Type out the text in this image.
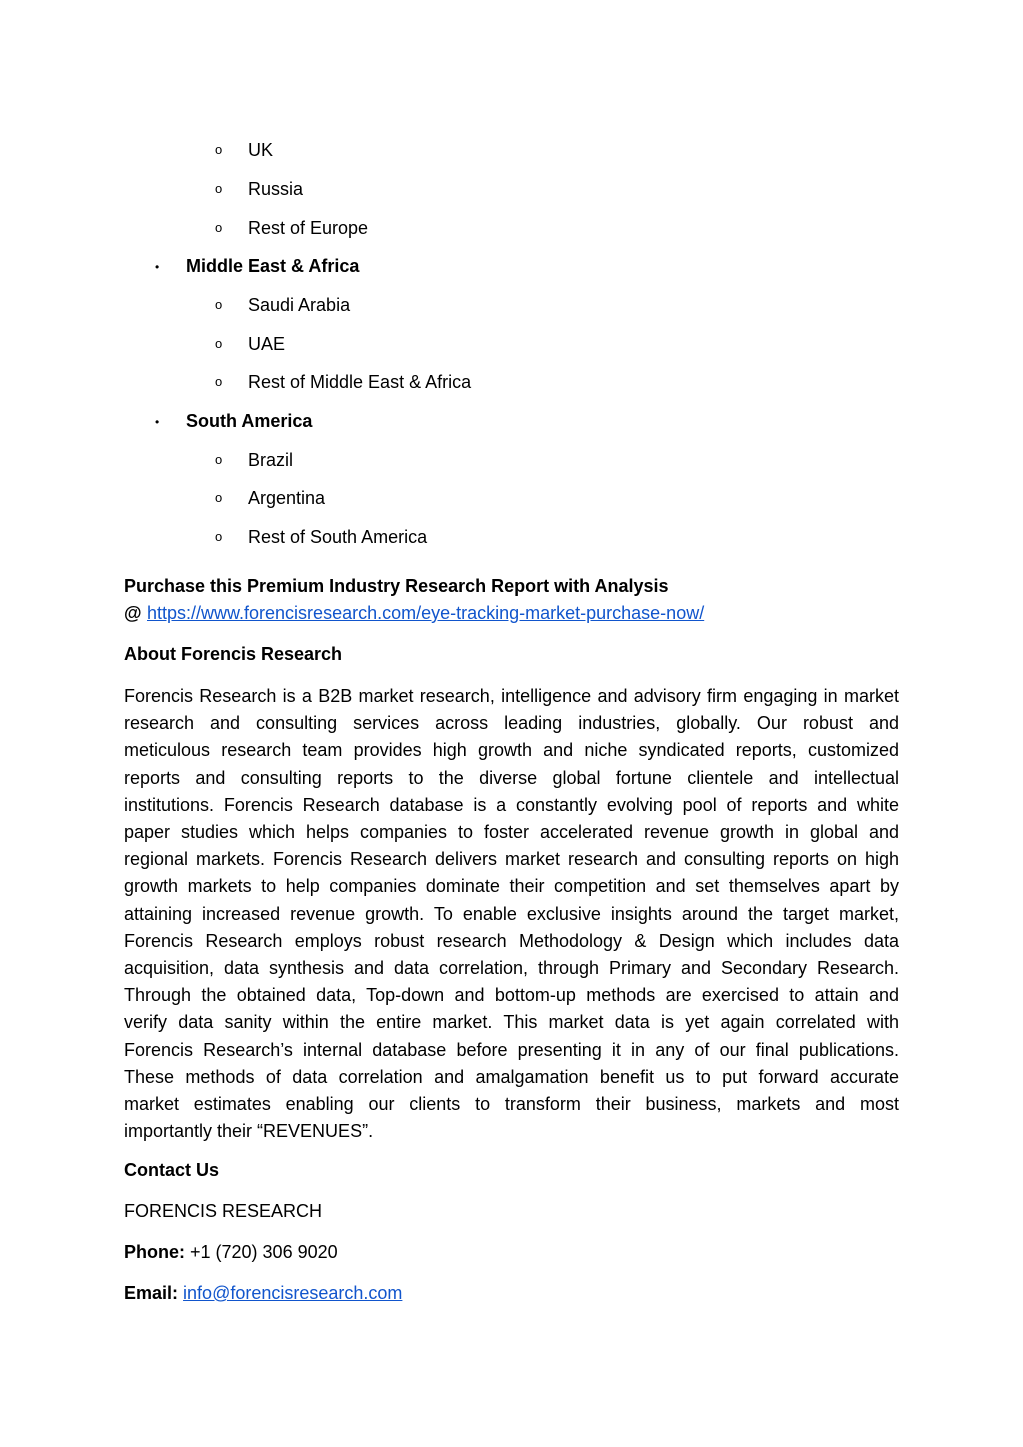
o UK
o Russia
o Rest of Europe
• Middle East & Africa
o Saudi Arabia
o UAE
o Rest of Middle East & Africa
• South America
o Brazil
o Argentina
o Rest of South America
Purchase this Premium Industry Research Report with Analysis
@ https://www.forencisresearch.com/eye-tracking-market-purchase-now/
About Forencis Research
Forencis Research is a B2B market research, intelligence and advisory firm engaging in market
research and consulting services across leading industries, globally. Our robust and
meticulous research team provides high growth and niche syndicated reports, customized
reports and consulting reports to the diverse global fortune clientele and intellectual
institutions. Forencis Research database is a constantly evolving pool of reports and white
paper studies which helps companies to foster accelerated revenue growth in global and
regional markets. Forencis Research delivers market research and consulting reports on high
growth markets to help companies dominate their competition and set themselves apart by
attaining increased revenue growth. To enable exclusive insights around the target market,
Forencis Research employs robust research Methodology & Design which includes data
acquisition, data synthesis and data correlation, through Primary and Secondary Research.
Through the obtained data, Top-down and bottom-up methods are exercised to attain and
verify data sanity within the entire market. This market data is yet again correlated with
Forencis Research’s internal database before presenting it in any of our final publications.
These methods of data correlation and amalgamation benefit us to put forward accurate
market estimates enabling our clients to transform their business, markets and most
importantly their “REVENUES”.
Contact Us
FORENCIS RESEARCH
Phone: +1 (720) 306 9020
Email: info@forencisresearch.com
